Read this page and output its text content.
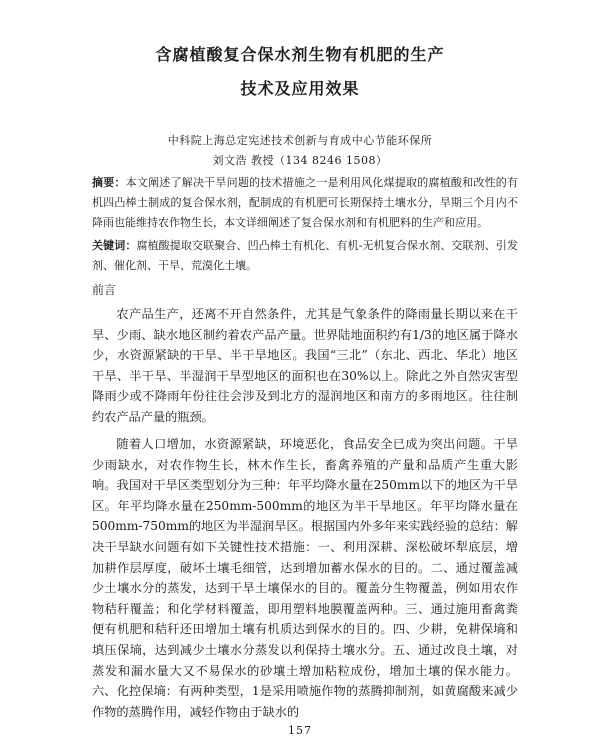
含腐植酸复合保水剂生物有机肥的生产
技术及应用效果
中科院上海总定宪述技术创新与育成中心节能环保所
刘文浩 教授（134 8246 1508）
摘要：本文阐述了解决干旱问题的技术措施之一是利用风化煤提取的腐植酸和改性的有机四凸棒土制成的复合保水剂，配制成的有机肥可长期保持土壤水分，旱期三个月内不降雨也能维持农作物生长，本文详细阐述了复合保水剂和有机肥料的生产和应用。
关键词：腐植酸提取交联聚合、凹凸棒土有机化、有机-无机复合保水剂、交联剂、引发剂、催化剂、干旱、荒漠化土壤。
前言

农产品生产，还离不开自然条件，尤其是气象条件的降雨量长期以来在干旱、少雨、缺水地区制约着农产品产量。世界陆地面积约有1/3的地区属于降水少，水资源紧缺的干旱、半干旱地区。我国“三北”（东北、西北、华北）地区干旱、半干旱、半湿润干旱型地区的面积也在30%以上。除此之外自然灾害型降雨少或不降雨年份往往会涉及到北方的湿润地区和南方的多雨地区。往往制约农产品产量的瓶颈。

随着人口增加，水资源紧缺，环境恶化，食品安全已成为突出问题。干旱少雨缺水，对农作物生长，林木作生长，畜禽养殖的产量和品质产生重大影响。我国对干旱区类型划分为三种：年平均降水量在250mm以下的地区为干旱区。年平均降水量在250mm-500mm的地区为半干旱地区。年平均降水量在500mm-750mm的地区为半湿润旱区。根据国内外多年来实践经验的总结：解决干旱缺水问题有如下关键性技术措施：一、利用深耕、深松破坏犁底层，增加耕作层厚度，破坏土壤毛细管，达到增加蓄水保水的目的。二、通过覆盖减少土壤水分的蒸发，达到干旱土壤保水的目的。覆盖分生物覆盖，例如用农作物秸秆覆盖；和化学材料覆盖，即用塑料地膜覆盖两种。三、通过施用畜禽粪便有机肥和秸秆还田增加土壤有机质达到保水的目的。四、少耕，免耕保墒和填压保墒，达到减少土壤水分蒸发以利保持土壤水分。五、通过改良土壤，对蒸发和漏水量大又不易保水的砂壤土增加粘粒成份，增加土壤的保水能力。六、化控保墒：有两种类型，1是采用喷施作物的蒸腾抑制剂，如黄腐酸来减少作物的蒸腾作用，减轻作物由于缺水的

157
